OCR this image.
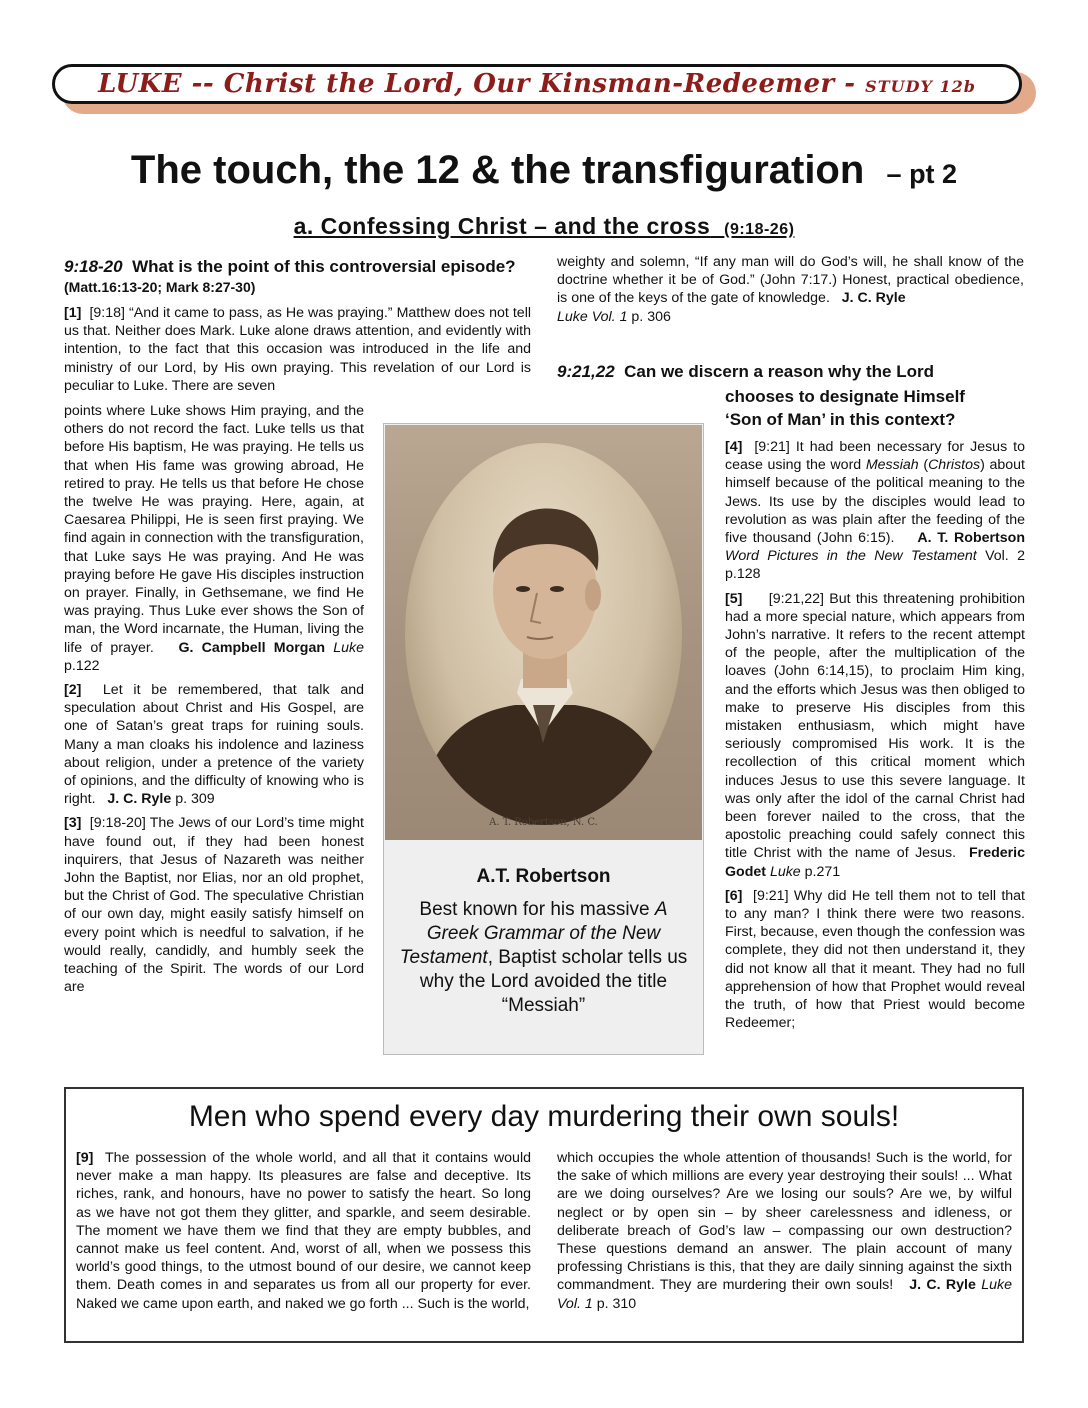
LUKE -- Christ the Lord, Our Kinsman-Redeemer - STUDY 12b
The touch, the 12 & the transfiguration – pt 2
a. Confessing Christ – and the cross (9:18-26)
9:18-20 What is the point of this controversial episode? (Matt.16:13-20; Mark 8:27-30)

[1] [9:18] “And it came to pass, as He was praying.” Matthew does not tell us that. Neither does Mark. Luke alone draws attention, and evidently with intention, to the fact that this occasion was introduced in the life and ministry of our Lord, by His own praying. This revelation of our Lord is peculiar to Luke. There are seven

points where Luke shows Him praying, and the others do not record the fact. Luke tells us that before His baptism, He was praying. He tells us that when His fame was growing abroad, He retired to pray. He tells us that before He chose the twelve He was praying. Here, again, at Caesarea Philippi, He is seen first praying. We find again in connection with the transfiguration, that Luke says He was praying. And He was praying before He gave His disciples instruction on prayer. Finally, in Gethsemane, we find He was praying. Thus Luke ever shows the Son of man, the Word incarnate, the Human, living the life of prayer. G. Campbell Morgan Luke p.122

[2] Let it be remembered, that talk and speculation about Christ and His Gospel, are one of Satan’s great traps for ruining souls. Many a man cloaks his indolence and laziness about religion, under a pretence of the variety of opinions, and the difficulty of knowing who is right. J. C. Ryle p. 309

[3] [9:18-20] The Jews of our Lord’s time might have found out, if they had been honest inquirers, that Jesus of Nazareth was neither John the Baptist, nor Elias, nor an old prophet, but the Christ of God. The speculative Christian of our own day, might easily satisfy himself on every point which is needful to salvation, if he would really, candidly, and humbly seek the teaching of the Spirit. The words of our Lord are

weighty and solemn, “If any man will do God’s will, he shall know of the doctrine whether it be of God.” (John 7:17.) Honest, practical obedience, is one of the keys of the gate of knowledge. J. C. Ryle
Luke Vol. 1 p. 306

9:21,22 Can we discern a reason why the Lord
chooses to designate Himself
‘Son of Man’ in this context?

[4] [9:21] It had been necessary for Jesus to cease using the word Messiah (Christos) about himself because of the political meaning to the Jews. Its use by the disciples would lead to revolution as was plain after the feeding of the five thousand (John 6:15). A. T. Robertson Word Pictures in the New Testament Vol. 2 p.128

[5] [9:21,22] But this threatening prohibition had a more special nature, which appears from John’s narrative. It refers to the recent attempt of the people, after the multiplication of the loaves (John 6:14,15), to proclaim Him king, and the efforts which Jesus was then obliged to make to preserve His disciples from this mistaken enthusiasm, which might have seriously compromised His work. It is the recollection of this critical moment which induces Jesus to use this severe language. It was only after the idol of the carnal Christ had been forever nailed to the cross, that the apostolic preaching could safely connect this title Christ with the name of Jesus. Frederic Godet Luke p.271

[6] [9:21] Why did He tell them not to tell that to any man? I think there were two reasons. First, because, even though the confession was complete, they did not then understand it, they did not know all that it meant. They had no full apprehension of how that Prophet would reveal the truth, of how that Priest would become Redeemer;

A. T. Robertson, N. C.
A.T. Robertson
Best known for his massive A Greek Grammar of the New Testament, Baptist scholar tells us why the Lord avoided the title “Messiah”
Men who spend every day murdering their own souls!

[9] The possession of the whole world, and all that it contains would never make a man happy. Its pleasures are false and deceptive. Its riches, rank, and honours, have no power to satisfy the heart. So long as we have not got them they glitter, and sparkle, and seem desirable. The moment we have them we find that they are empty bubbles, and cannot make us feel content. And, worst of all, when we possess this world’s good things, to the utmost bound of our desire, we cannot keep them. Death comes in and separates us from all our property for ever. Naked we came upon earth, and naked we go forth ... Such is the world,

which occupies the whole attention of thousands! Such is the world, for the sake of which millions are every year destroying their souls! ... What are we doing ourselves? Are we losing our souls? Are we, by wilful neglect or by open sin – by sheer carelessness and idleness, or deliberate breach of God’s law – compassing our own destruction? These questions demand an answer. The plain account of many professing Christians is this, that they are daily sinning against the sixth commandment. They are murdering their own souls! J. C. Ryle Luke Vol. 1 p. 310
